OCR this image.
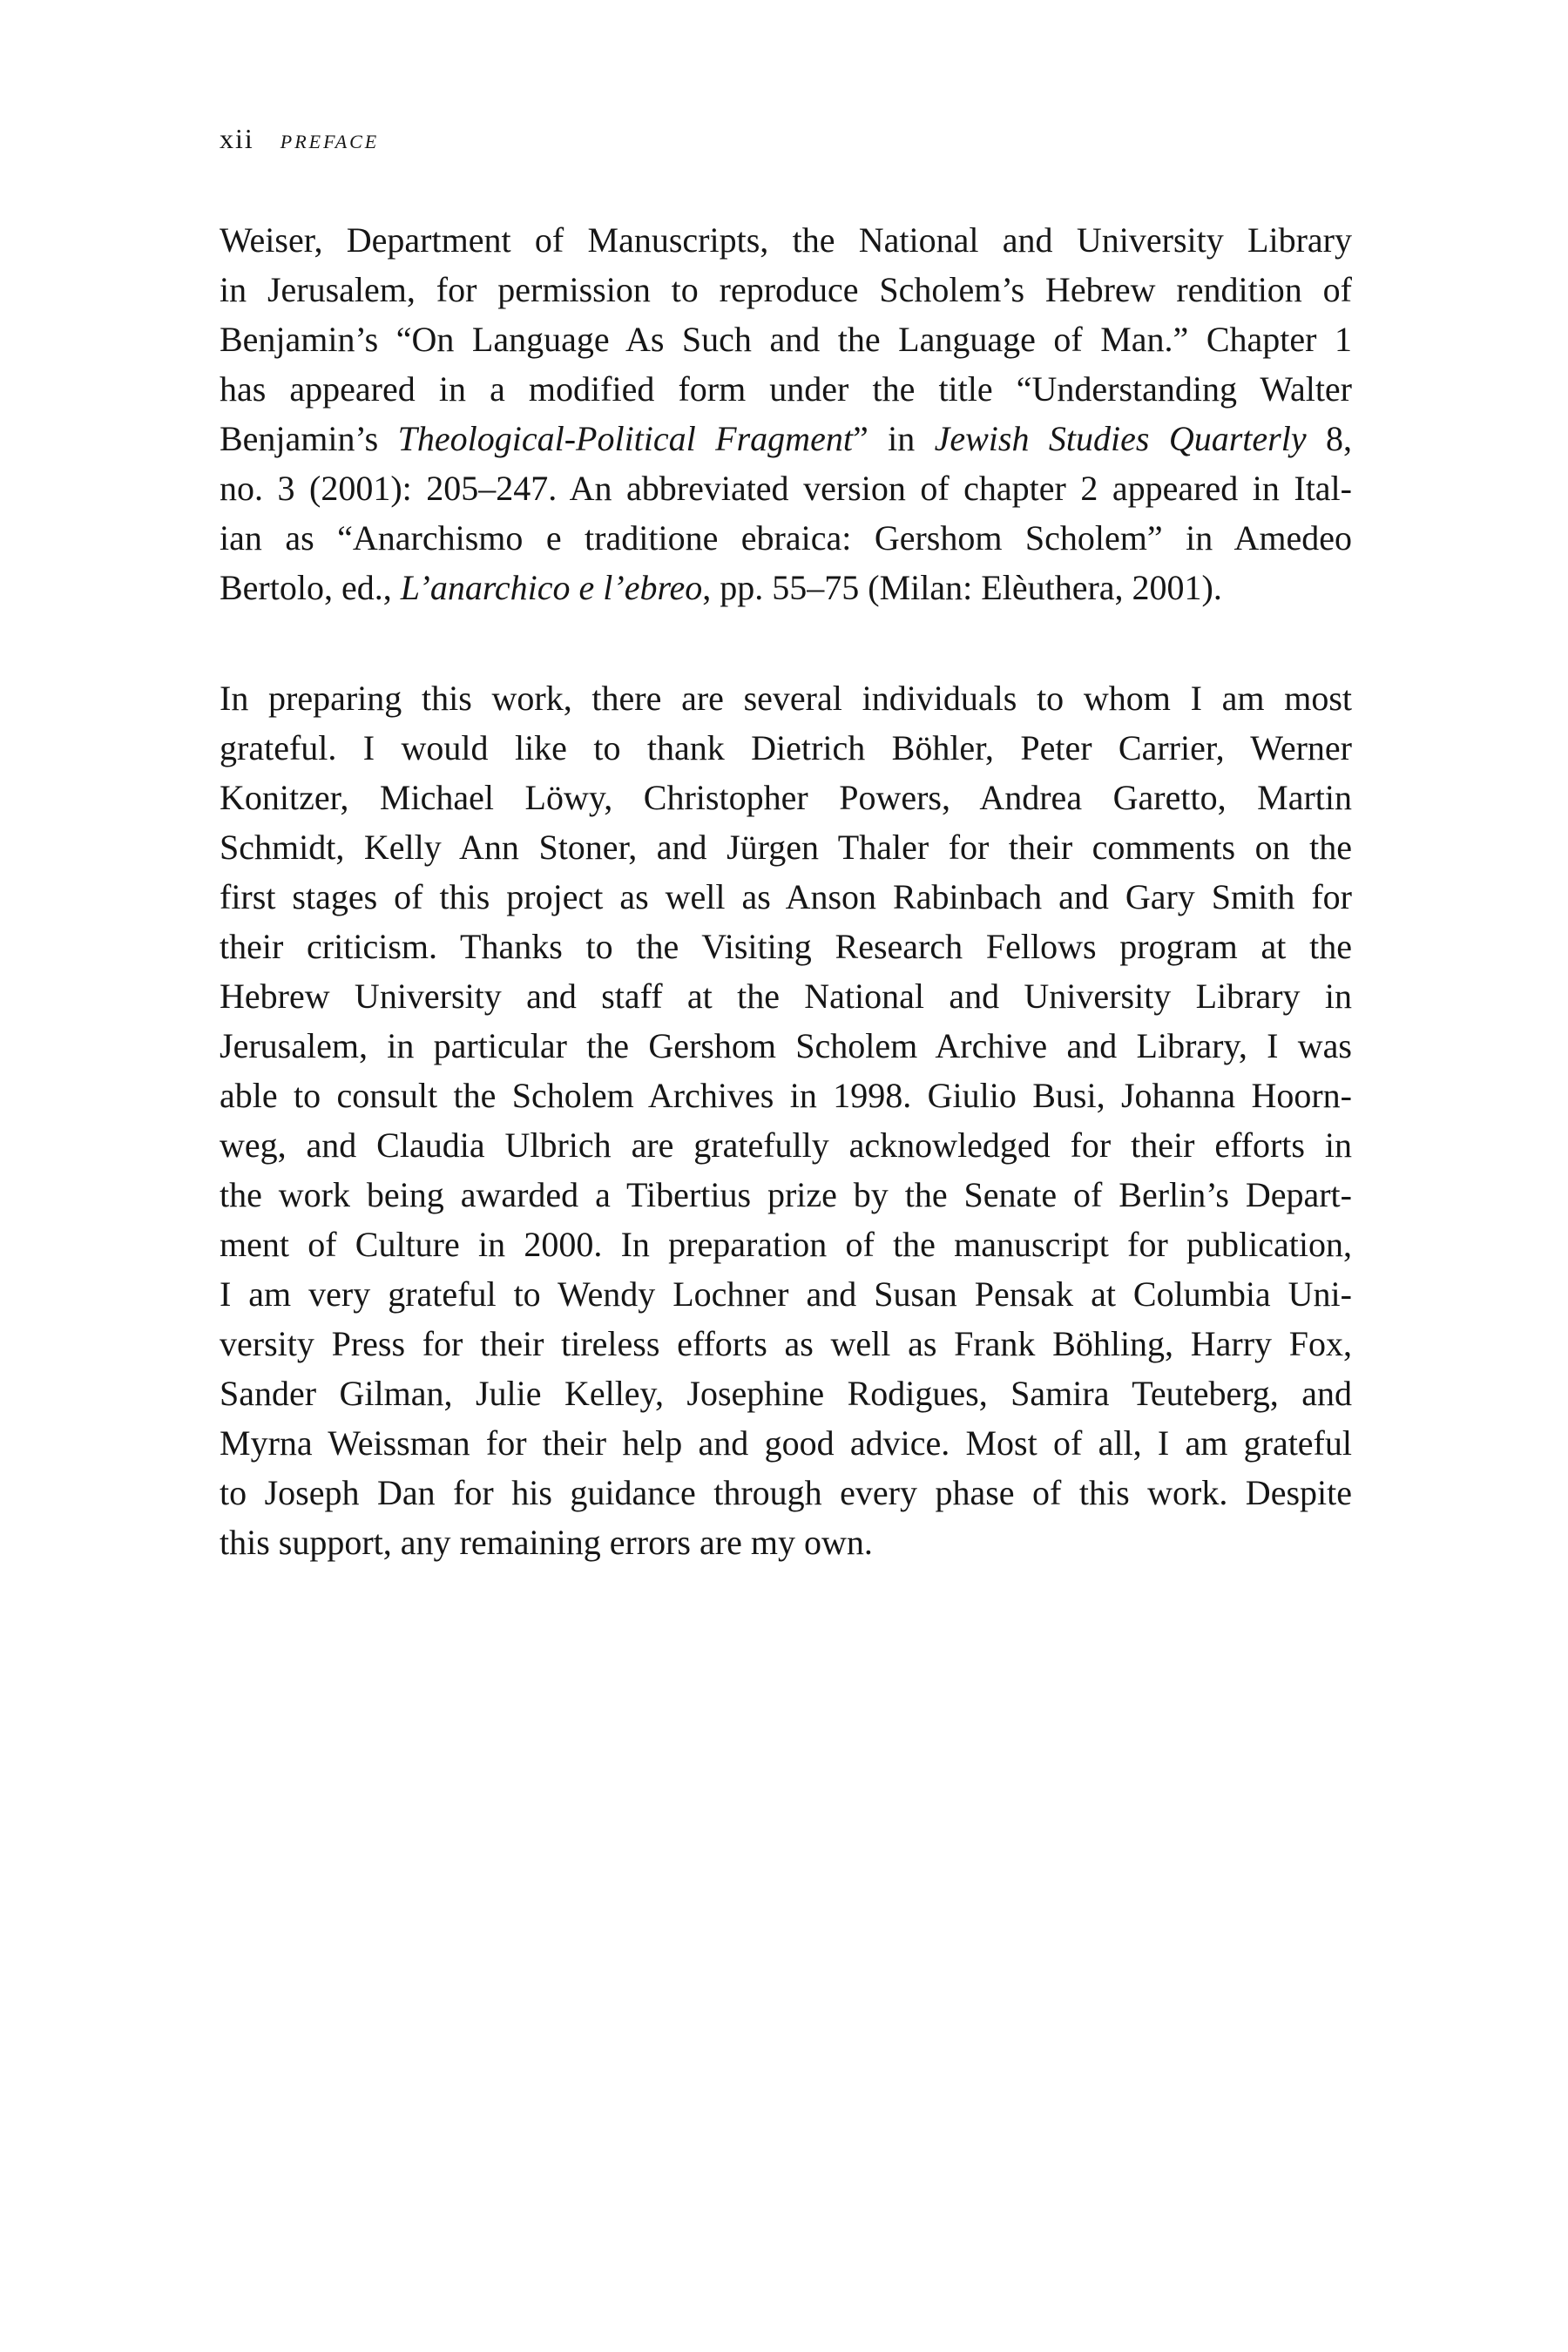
xii PREFACE
Weiser, Department of Manuscripts, the National and University Library
in Jerusalem, for permission to reproduce Scholem’s Hebrew rendition of
Benjamin’s “On Language As Such and the Language of Man.” Chapter 1
has appeared in a modified form under the title “Understanding Walter
Benjamin’s Theological-Political Fragment” in Jewish Studies Quarterly 8,
no. 3 (2001): 205–247. An abbreviated version of chapter 2 appeared in Ital-
ian as “Anarchismo e traditione ebraica: Gershom Scholem” in Amedeo
Bertolo, ed., L’anarchico e l’ebreo, pp. 55–75 (Milan: Elèuthera, 2001).
In preparing this work, there are several individuals to whom I am most
grateful. I would like to thank Dietrich Böhler, Peter Carrier, Werner
Konitzer, Michael Löwy, Christopher Powers, Andrea Garetto, Martin
Schmidt, Kelly Ann Stoner, and Jürgen Thaler for their comments on the
first stages of this project as well as Anson Rabinbach and Gary Smith for
their criticism. Thanks to the Visiting Research Fellows program at the
Hebrew University and staff at the National and University Library in
Jerusalem, in particular the Gershom Scholem Archive and Library, I was
able to consult the Scholem Archives in 1998. Giulio Busi, Johanna Hoorn-
weg, and Claudia Ulbrich are gratefully acknowledged for their efforts in
the work being awarded a Tibertius prize by the Senate of Berlin’s Depart-
ment of Culture in 2000. In preparation of the manuscript for publication,
I am very grateful to Wendy Lochner and Susan Pensak at Columbia Uni-
versity Press for their tireless efforts as well as Frank Böhling, Harry Fox,
Sander Gilman, Julie Kelley, Josephine Rodigues, Samira Teuteberg, and
Myrna Weissman for their help and good advice. Most of all, I am grateful
to Joseph Dan for his guidance through every phase of this work. Despite
this support, any remaining errors are my own.
